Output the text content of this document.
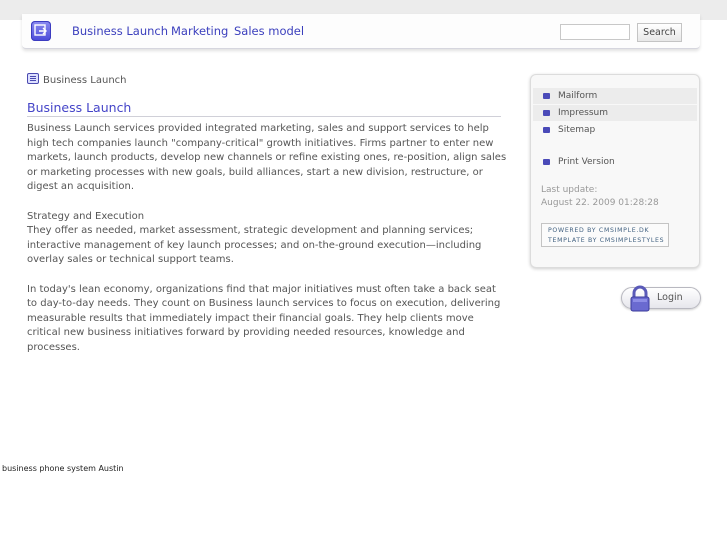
Business Launch Marketing Sales model	Search
Business Launch
Business Launch

Business Launch services provided integrated marketing, sales and support services to help high tech companies launch "company-critical" growth initiatives. Firms partner to enter new markets, launch products, develop new channels or refine existing ones, re-position, align sales or marketing processes with new goals, build alliances, start a new division, restructure, or digest an acquisition.

Strategy and Execution

They offer as needed, market assessment, strategic development and planning services; interactive management of key launch processes; and on-the-ground execution—including overlay sales or technical support teams.

In today's lean economy, organizations find that major initiatives must often take a back seat to day-to-day needs. They count on Business launch services to focus on execution, delivering measurable results that immediately impact their financial goals. They help clients move critical new business initiatives forward by providing needed resources, knowledge and processes.

Mailform
Impressum
Sitemap
Print Version
Last update:
August 22. 2009 01:28:28
POWERED BY CMSIMPLE.DK
TEMPLATE BY CMSIMPLESTYLES
Login
business phone system Austin
